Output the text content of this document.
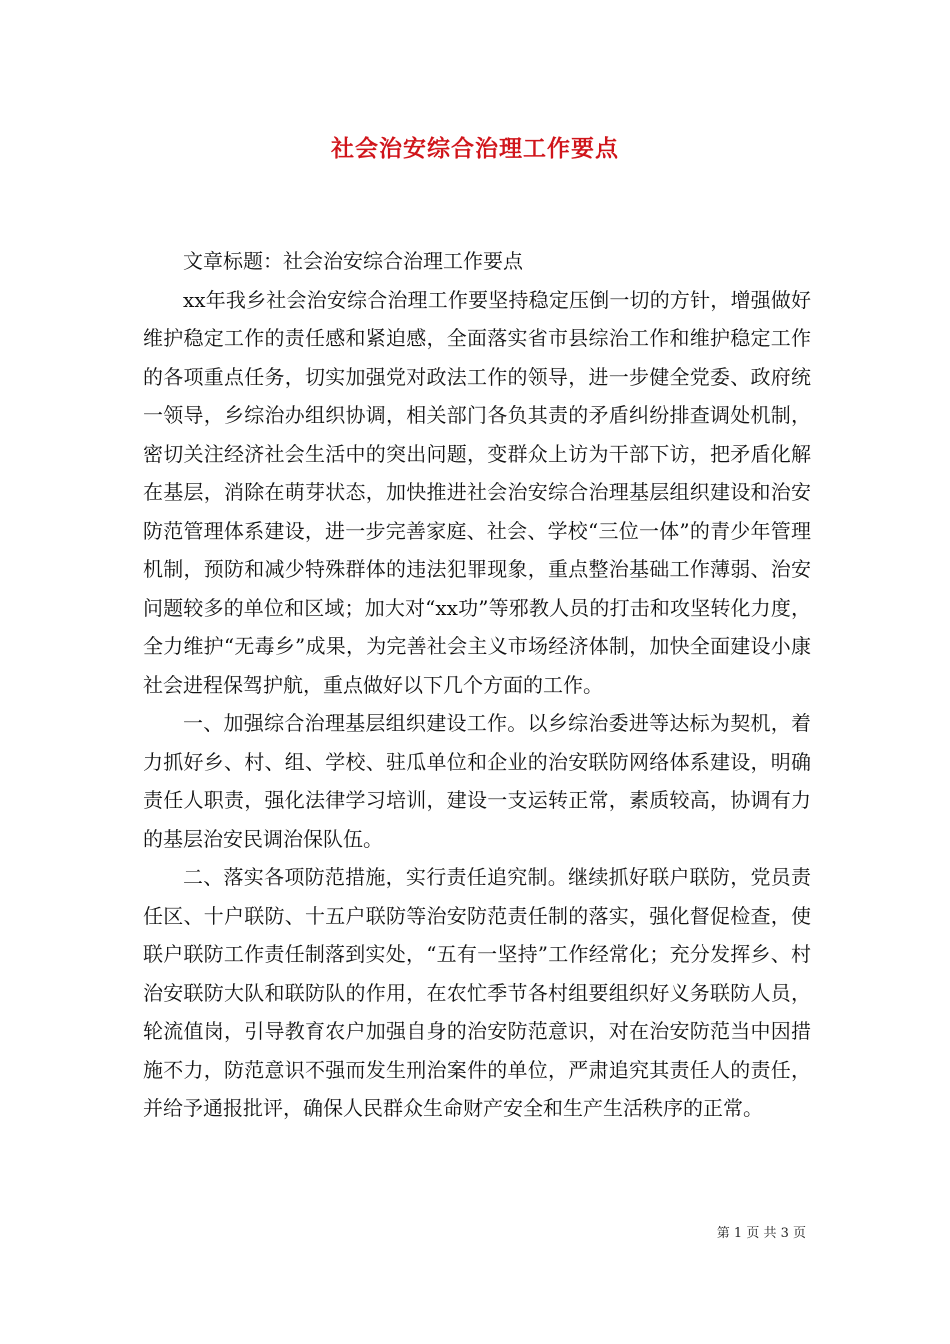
社会治安综合治理工作要点

文章标题：社会治安综合治理工作要点

xx年我乡社会治安综合治理工作要坚持稳定压倒一切的方针，增强做好维护稳定工作的责任感和紧迫感，全面落实省市县综治工作和维护稳定工作的各项重点任务，切实加强党对政法工作的领导，进一步健全党委、政府统一领导，乡综治办组织协调，相关部门各负其责的矛盾纠纷排查调处机制，密切关注经济社会生活中的突出问题，变群众上访为干部下访，把矛盾化解在基层，消除在萌芽状态，加快推进社会治安综合治理基层组织建设和治安防范管理体系建设，进一步完善家庭、社会、学校“三位一体”的青少年管理机制，预防和减少特殊群体的违法犯罪现象，重点整治基础工作薄弱、治安问题较多的单位和区域；加大对“xx功”等邪教人员的打击和攻坚转化力度，全力维护“无毒乡”成果，为完善社会主义市场经济体制，加快全面建设小康社会进程保驾护航，重点做好以下几个方面的工作。

一、加强综合治理基层组织建设工作。以乡综治委进等达标为契机，着力抓好乡、村、组、学校、驻瓜单位和企业的治安联防网络体系建设，明确责任人职责，强化法律学习培训，建设一支运转正常，素质较高，协调有力的基层治安民调治保队伍。

二、落实各项防范措施，实行责任追究制。继续抓好联户联防，党员责任区、十户联防、十五户联防等治安防范责任制的落实，强化督促检查，使联户联防工作责任制落到实处，“五有一坚持”工作经常化；充分发挥乡、村治安联防大队和联防队的作用，在农忙季节各村组要组织好义务联防人员，轮流值岗，引导教育农户加强自身的治安防范意识，对在治安防范当中因措施不力，防范意识不强而发生刑治案件的单位，严肃追究其责任人的责任，并给予通报批评，确保人民群众生命财产安全和生产生活秩序的正常。

第 1 页 共 3 页
